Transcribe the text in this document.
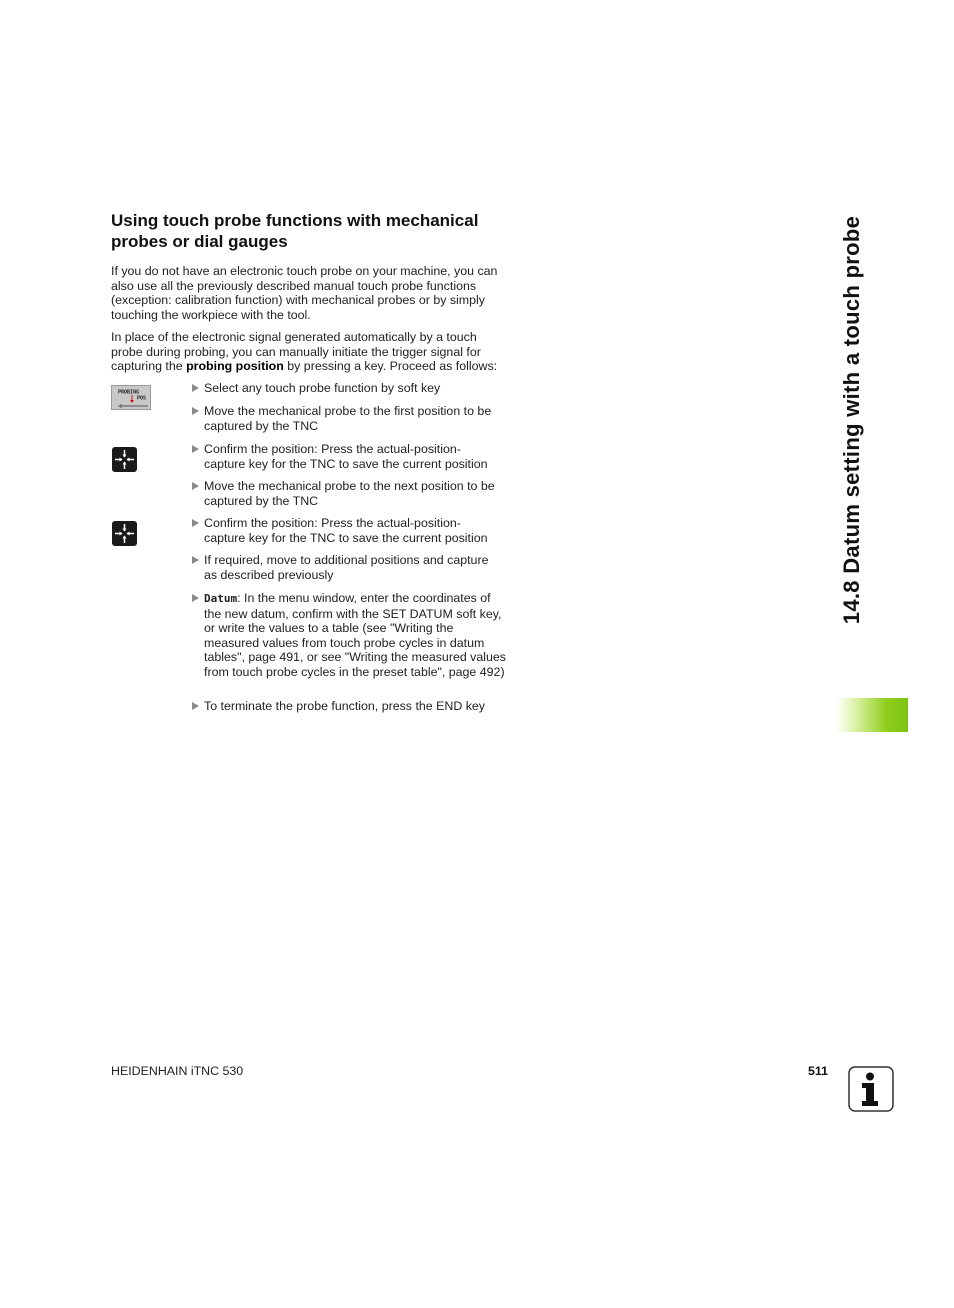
Using touch probe functions with mechanical probes or dial gauges

If you do not have an electronic touch probe on your machine, you can also use all the previously described manual touch probe functions (exception: calibration function) with mechanical probes or by simply touching the workpiece with the tool.

In place of the electronic signal generated automatically by a touch probe during probing, you can manually initiate the trigger signal for capturing the probing position by pressing a key. Proceed as follows:

PROBING
POS
Select any touch probe function by soft key
Move the mechanical probe to the first position to be
captured by the TNC
Confirm the position: Press the actual-position-
capture key for the TNC to save the current position
Move the mechanical probe to the next position to be
captured by the TNC
Confirm the position: Press the actual-position-
capture key for the TNC to save the current position
If required, move to additional positions and capture
as described previously
Datum: In the menu window, enter the coordinates of
the new datum, confirm with the SET DATUM soft key, or write the values to a table (see "Writing the measured values from touch probe cycles in datum tables", page 491, or see "Writing the measured values from touch probe cycles in the preset table", page 492)
To terminate the probe function, press the END key
14.8 Datum setting with a touch probe
HEIDENHAIN iTNC 530	511
